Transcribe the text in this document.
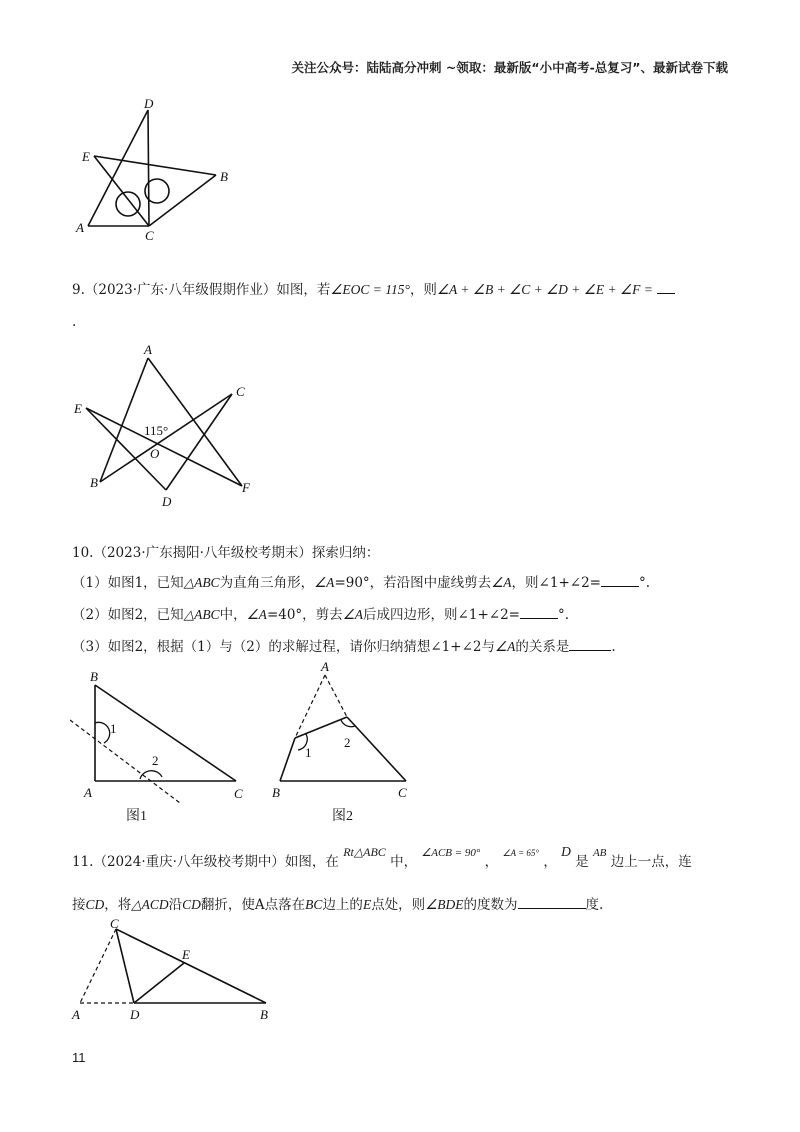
关注公众号：陆陆高分冲刺 ~领取：最新版“小中高考-总复习”、最新试卷下载
D
E
B
A
C
9.（2023·广东·八年级假期作业）如图，若∠EOC = 115°，则∠A + ∠B + ∠C + ∠D + ∠E + ∠F =
.
A
C
E
115°
O
B
D
F
10.（2023·广东揭阳·八年级校考期末）探索归纳：
（1）如图1，已知△ABC为直角三角形，∠A=90°，若沿图中虚线剪去∠A，则∠1+∠2=	°.
（2）如图2，已知△ABC中，∠A=40°，剪去∠A后成四边形，则∠1+∠2=	°.
（3）如图2，根据（1）与（2）的求解过程，请你归纳猜想∠1+∠2与∠A的关系是	.
B
1
2
A	C
图1
A
1
2
B	C
图2
11.（2024·重庆·八年级校考期中）如图，在 Rt△ABC 中， $^{\angle ACB = 90^\circ}$ ， $^{\angle A = 65^\circ}$ ， D 是 $^{AB}$ 边上一点，连
接CD，将△ACD沿CD翻折，使A点落在BC边上的E点处，则∠BDE的度数为	度.
C
E
A	D	B
11
